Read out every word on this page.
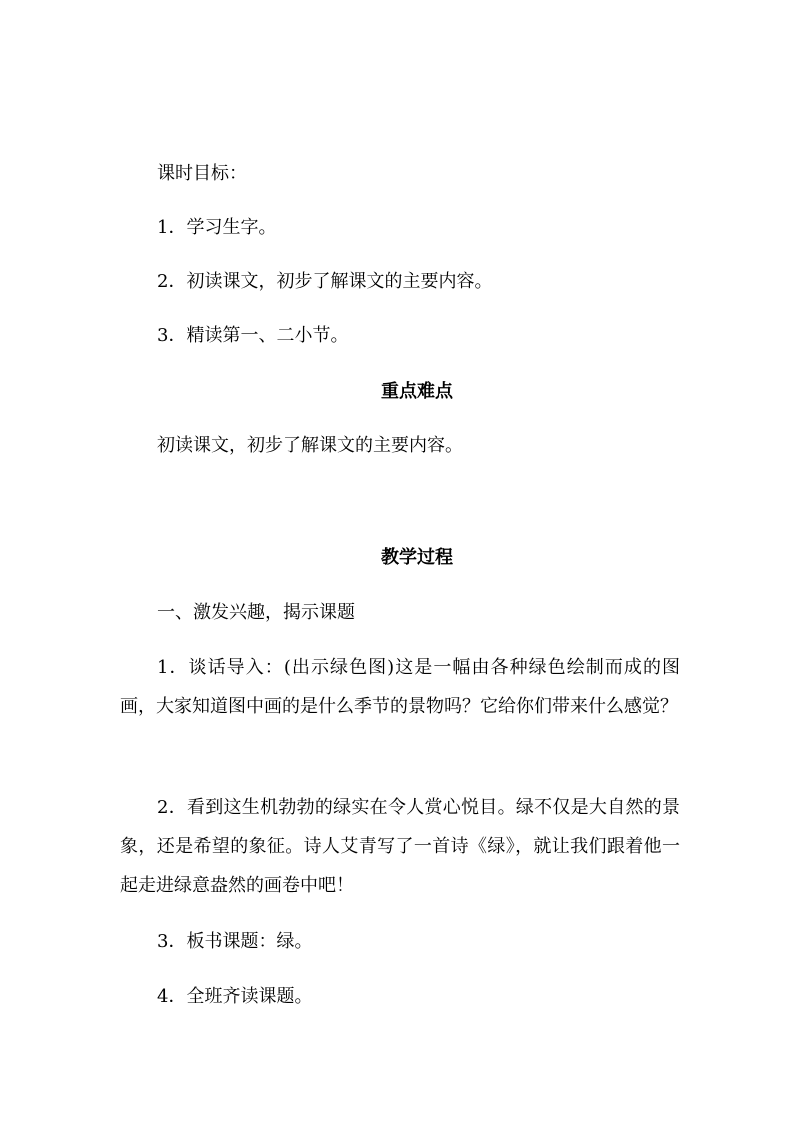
课时目标：
1．学习生字。
2．初读课文，初步了解课文的主要内容。
3．精读第一、二小节。
重点难点
初读课文，初步了解课文的主要内容。
教学过程
一、激发兴趣，揭示课题
1．谈话导入：(出示绿色图)这是一幅由各种绿色绘制而成的图画，大家知道图中画的是什么季节的景物吗？它给你们带来什么感觉？
2．看到这生机勃勃的绿实在令人赏心悦目。绿不仅是大自然的景象，还是希望的象征。诗人艾青写了一首诗《绿》，就让我们跟着他一起走进绿意盎然的画卷中吧！
3．板书课题：绿。
4．全班齐读课题。
